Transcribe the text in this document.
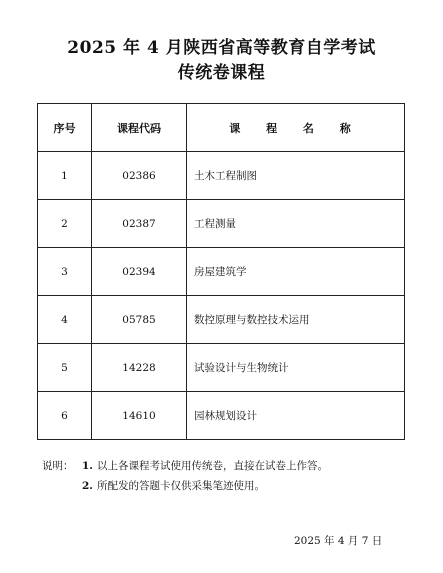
2025 年 4 月陕西省高等教育自学考试
传统卷课程
序号	课程代码	课 程 名 称
1	02386	土木工程制图
2	02387	工程测量
3	02394	房屋建筑学
4	05785	数控原理与数控技术运用
5	14228	试验设计与生物统计
6	14610	园林规划设计
说明： 1. 以上各课程考试使用传统卷，直接在试卷上作答。
2. 所配发的答题卡仅供采集笔迹使用。
2025 年 4 月 7 日
